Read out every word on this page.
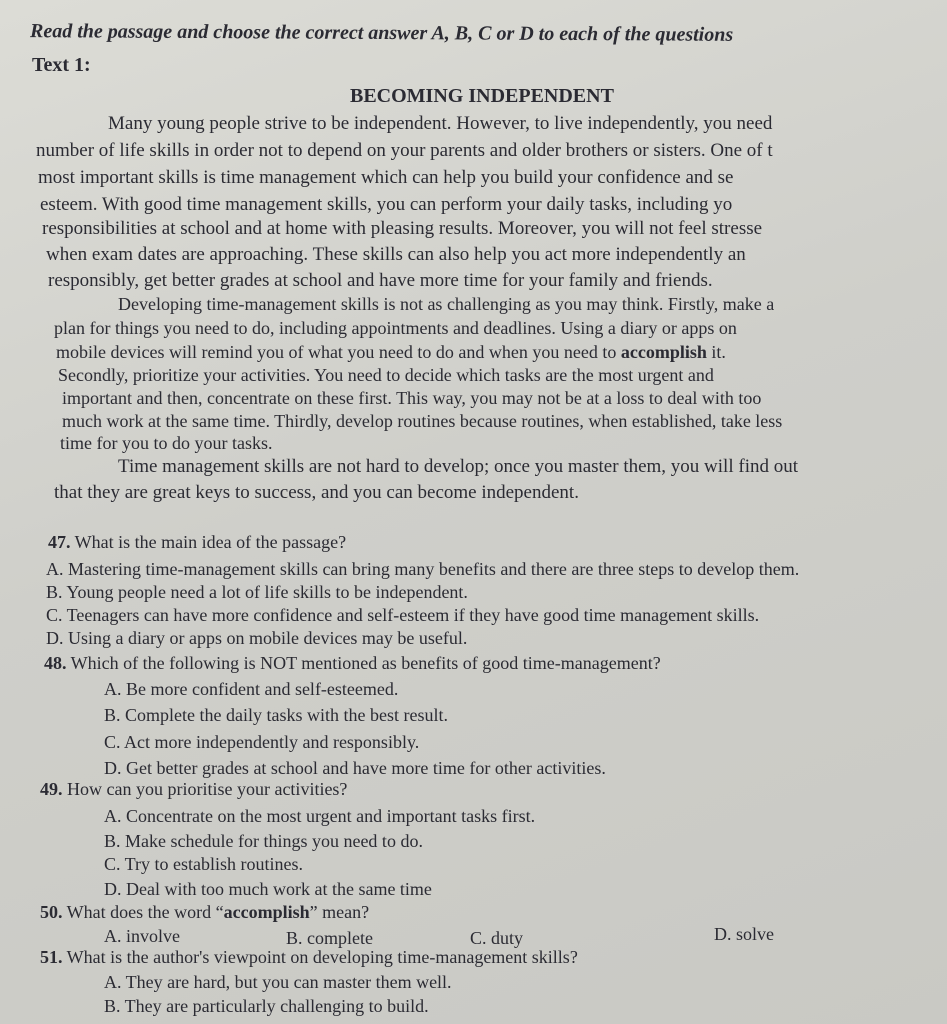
Read the passage and choose the correct answer A, B, C or D to each of the questions
Text 1:
BECOMING INDEPENDENT
Many young people strive to be independent. However, to live independently, you need
number of life skills in order not to depend on your parents and older brothers or sisters. One of t
most important skills is time management which can help you build your confidence and se
esteem. With good time management skills, you can perform your daily tasks, including yo
responsibilities at school and at home with pleasing results. Moreover, you will not feel stresse
when exam dates are approaching. These skills can also help you act more independently an
responsibly, get better grades at school and have more time for your family and friends.
Developing time-management skills is not as challenging as you may think. Firstly, make a
plan for things you need to do, including appointments and deadlines. Using a diary or apps on
mobile devices will remind you of what you need to do and when you need to accomplish it.
Secondly, prioritize your activities. You need to decide which tasks are the most urgent and
important and then, concentrate on these first. This way, you may not be at a loss to deal with too
much work at the same time. Thirdly, develop routines because routines, when established, take less
time for you to do your tasks.
Time management skills are not hard to develop; once you master them, you will find out
that they are great keys to success, and you can become independent.
47. What is the main idea of the passage?
A. Mastering time-management skills can bring many benefits and there are three steps to develop them.
B. Young people need a lot of life skills to be independent.
C. Teenagers can have more confidence and self-esteem if they have good time management skills.
D. Using a diary or apps on mobile devices may be useful.
48. Which of the following is NOT mentioned as benefits of good time-management?
A. Be more confident and self-esteemed.
B. Complete the daily tasks with the best result.
C. Act more independently and responsibly.
D. Get better grades at school and have more time for other activities.
49. How can you prioritise your activities?
A. Concentrate on the most urgent and important tasks first.
B. Make schedule for things you need to do.
C. Try to establish routines.
D. Deal with too much work at the same time
50. What does the word “accomplish” mean?
A. involve	B. complete	C. duty	D. solve
51. What is the author's viewpoint on developing time-management skills?
A. They are hard, but you can master them well.
B. They are particularly challenging to build.
